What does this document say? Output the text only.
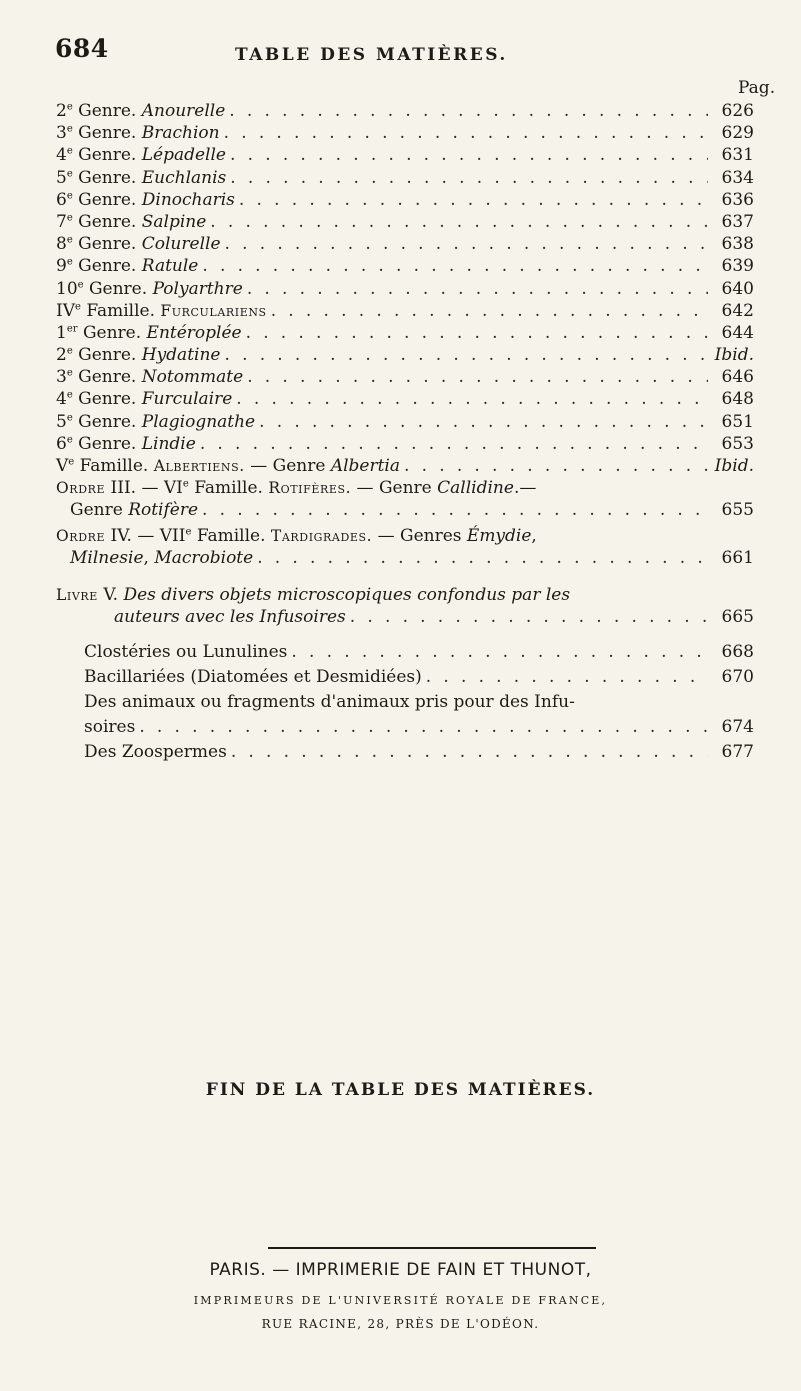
684	TABLE DES MATIÈRES.
Pag.
2e Genre. Anourelle . . .	626
3e Genre. Brachion . . .	629
4e Genre. Lépadelle . . .	631
5e Genre. Euchlanis . . .	634
6e Genre. Dinocharis . . .	636
7e Genre. Salpine . . .	637
8e Genre. Colurelle . . .	638
9e Genre. Ratule . . .	639
10e Genre. Polyarthre . . .	640
IVe Famille. Furculariens . . .	642
1er Genre. Entéroplée . . .	644
2e Genre. Hydatine . . .	Ibid.
3e Genre. Notommate . . .	646
4e Genre. Furculaire . . .	648
5e Genre. Plagiognathe . . .	651
6e Genre. Lindie . . .	653
Ve Famille. Albertiens. — Genre Albertia . . .	Ibid.
Ordre III. — VIe Famille. Rotifères. — Genre Callidine.—
Genre Rotifère . . .	655
Ordre IV. — VIIe Famille. Tardigrades. — Genres Émydie,
Milnesie, Macrobiote . . .	661
Livre V. Des divers objets microscopiques confondus par les
auteurs avec les Infusoires . . .	665
Clostéries ou Lunulines . . .	668
Bacillariées (Diatomées et Desmidiées) . . .	670
Des animaux ou fragments d'animaux pris pour des Infu-
soires . . .	674
Des Zoospermes . . .	677
FIN DE LA TABLE DES MATIÈRES.
PARIS. — IMPRIMERIE DE FAIN ET THUNOT,
IMPRIMEURS DE L'UNIVERSITÉ ROYALE DE FRANCE,
RUE RACINE, 28, PRÈS DE L'ODÉON.
